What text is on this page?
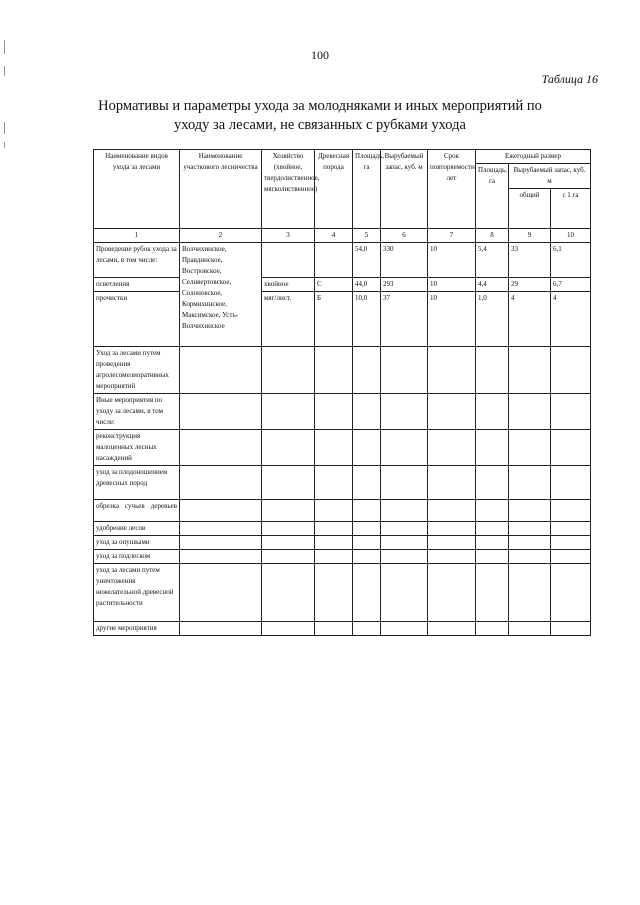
100
Таблица 16
Нормативы и параметры ухода за молодняками и иных мероприятий по уходу за лесами, не связанных с рубками ухода
Наименование видов ухода за лесами	Наименование участкового лесничества	Хозяйство (хвойное, твердолиственное, мягколиственное)	Древесная порода	Площадь, га	Вырубаемый запас, куб. м	Срок повторяемости, лет	Ежегодный размер		
							Площадь, га	Вырубаемый запас, куб. м	
								общий	с 1 га
1	2	3	4	5	6	7	8	9	10
Проведение рубок ухода за лесами, в том числе:	Волчихинское, Правдинское, Востровское, Селивертовское, Солоновское, Кормихинское, Максимское, Усть-Волчихинское			54,0	330	10	5,4	33	6,1
осветления		хвойное	С	44,0	293	10	4,4	29	6,7
прочистки		мяг/лист.	Б	10,0	37	10	1,0	4	4
Уход за лесами путем проведения агролесомелиоративных мероприятий									
Иные мероприятия по уходу за лесами, в том числе:									
реконструкция малоценных лесных насаждений									
уход за плодоношением древесных пород									
обрезка сучьев деревьев									
удобрение лесов									
уход за опушками									
уход за подлеском									
уход за лесами путем уничтожения нежелательной древесной растительности									
другие мероприятия									
